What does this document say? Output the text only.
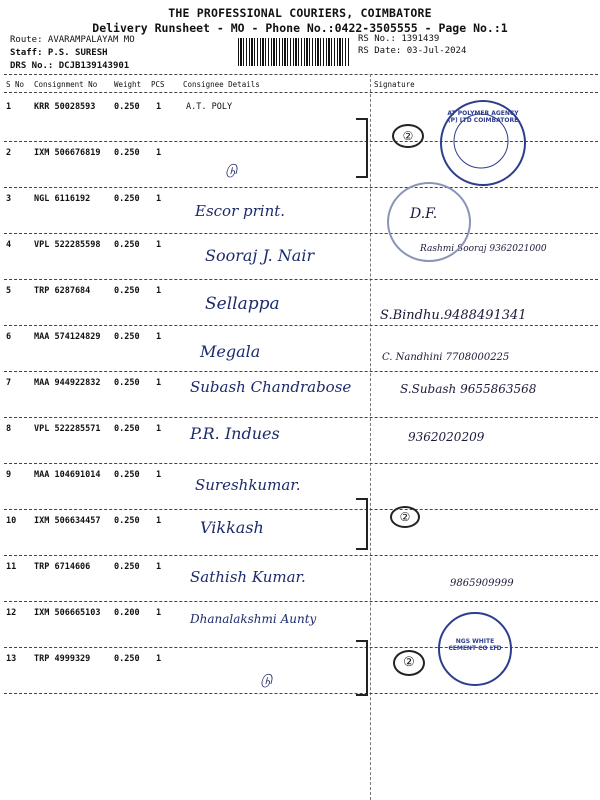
THE PROFESSIONAL COURIERS, COIMBATORE
Delivery Runsheet - MO - Phone No.:0422-3505555 - Page No.:1
Route: AVARAMPALAYAM MO
Staff: P.S. SURESH
DRS No.: DCJB139143901
RS No.: 1391439
RS Date: 03-Jul-2024
S No Consignment No Weight PCS Consignee Details	Signature
1	KRR 50028593 0.250 1	A.T. POLY
2	IXM 506676819 0.250 1
டு
3	NGL 6116192	0.250 1
Escor print.	D.F.
4	VPL 522285598 0.250 1
Sooraj J. Nair	Rashmi Sooraj 9362021000
5	TRP 6287684	0.250 1
Sellappa
S.Bindhu.9488491341
6	MAA 574124829 0.250 1
Megala	C. Nandhini 7708000225
7	MAA 944922832 0.250 1 Subash Chandrabose	S.Subash 9655863568
8	VPL 522285571 0.250 1 P.R. Indues	9362020209
9	MAA 104691014 0.250 1
Sureshkumar.
10 IXM 506634457 0.250 1 Vikkash
11 TRP 6714606	0.250 1
Sathish Kumar.	9865909999
12 IXM 506665103 0.200 1 Dhanalakshmi Aunty
13 TRP 4999329	0.250 1
டு
AT POLYMER AGENCY (P) LTD COIMBATORE
NGS WHITE CEMENT CO LTD
②
②
②
